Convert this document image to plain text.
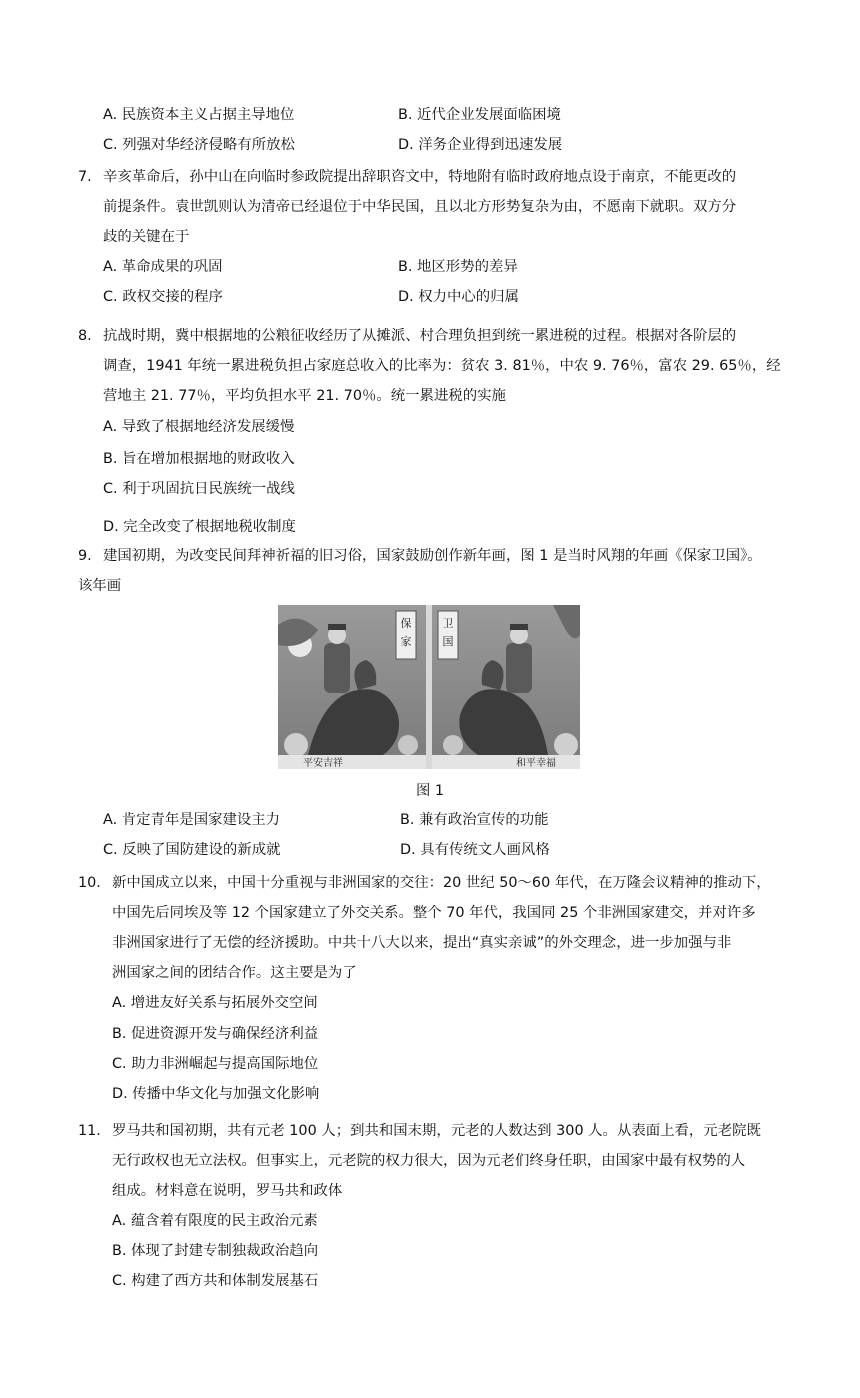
A. 民族资本主义占据主导地位	B. 近代企业发展面临困境
C. 列强对华经济侵略有所放松	D. 洋务企业得到迅速发展
7. 辛亥革命后，孙中山在向临时参政院提出辞职咨文中，特地附有临时政府地点设于南京，不能更改的
前提条件。袁世凯则认为清帝已经退位于中华民国，且以北方形势复杂为由，不愿南下就职。双方分
歧的关键在于
A. 革命成果的巩固	B. 地区形势的差异
C. 政权交接的程序	D. 权力中心的归属
8. 抗战时期，冀中根据地的公粮征收经历了从摊派、村合理负担到统一累进税的过程。根据对各阶层的
调查，1941 年统一累进税负担占家庭总收入的比率为：贫农 3. 81％，中农 9. 76％，富农 29. 65％，经
营地主 21. 77％，平均负担水平 21. 70％。统一累进税的实施
A. 导致了根据地经济发展缓慢
B. 旨在增加根据地的财政收入
C. 利于巩固抗日民族统一战线
D. 完全改变了根据地税收制度
9. 建国初期，为改变民间拜神祈福的旧习俗，国家鼓励创作新年画，图 1 是当时风翔的年画《保家卫国》。
该年画
保
家
平安吉祥
卫
国
和平幸福
图 1
A. 肯定青年是国家建设主力	B. 兼有政治宣传的功能
C. 反映了国防建设的新成就	D. 具有传统文人画风格
10． 新中国成立以来，中国十分重视与非洲国家的交往：20 世纪 50～60 年代，在万隆会议精神的推动下，
中国先后同埃及等 12 个国家建立了外交关系。整个 70 年代，我国同 25 个非洲国家建交，并对许多
非洲国家进行了无偿的经济援助。中共十八大以来，提出“真实亲诚”的外交理念，进一步加强与非
洲国家之间的团结合作。这主要是为了
A. 增进友好关系与拓展外交空间
B. 促进资源开发与确保经济利益
C. 助力非洲崛起与提高国际地位
D. 传播中华文化与加强文化影响
11． 罗马共和国初期，共有元老 100 人；到共和国末期，元老的人数达到 300 人。从表面上看，元老院既
无行政权也无立法权。但事实上，元老院的权力很大，因为元老们终身任职，由国家中最有权势的人
组成。材料意在说明，罗马共和政体
A. 蕴含着有限度的民主政治元素
B. 体现了封建专制独裁政治趋向
C. 构建了西方共和体制发展基石
